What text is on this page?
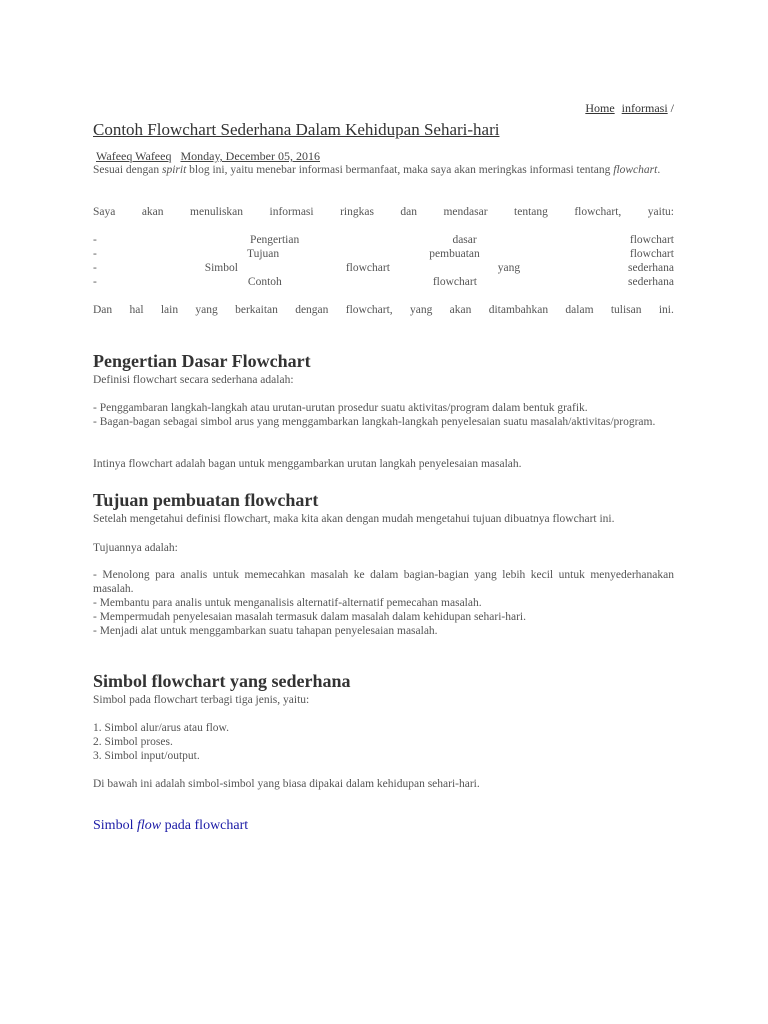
Home informasi /
Contoh Flowchart Sederhana Dalam Kehidupan Sehari-hari
Wafeeq Wafeeq Monday, December 05, 2016
Sesuai dengan spirit blog ini, yaitu menebar informasi bermanfaat, maka saya akan meringkas informasi tentang flowchart.
Saya akan menuliskan informasi ringkas dan mendasar tentang flowchart, yaitu:
-	Pengertian	dasar	flowchart
-	Tujuan	pembuatan	flowchart
-	Simbol	flowchart	yang	sederhana
-	Contoh	flowchart	sederhana
Dan hal lain yang berkaitan dengan flowchart, yang akan ditambahkan dalam tulisan ini.
Pengertian Dasar Flowchart
Definisi flowchart secara sederhana adalah:
- Penggambaran langkah-langkah atau urutan-urutan prosedur suatu aktivitas/program dalam bentuk grafik.
- Bagan-bagan sebagai simbol arus yang menggambarkan langkah-langkah penyelesaian suatu masalah/aktivitas/program.
Intinya flowchart adalah bagan untuk menggambarkan urutan langkah penyelesaian masalah.
Tujuan pembuatan flowchart
Setelah mengetahui definisi flowchart, maka kita akan dengan mudah mengetahui tujuan dibuatnya flowchart ini.
Tujuannya adalah:
- Menolong para analis untuk memecahkan masalah ke dalam bagian-bagian yang lebih kecil untuk menyederhanakan masalah.
- Membantu para analis untuk menganalisis alternatif-alternatif pemecahan masalah.
- Mempermudah penyelesaian masalah termasuk dalam masalah dalam kehidupan sehari-hari.
- Menjadi alat untuk menggambarkan suatu tahapan penyelesaian masalah.
Simbol flowchart yang sederhana
Simbol pada flowchart terbagi tiga jenis, yaitu:
1. Simbol alur/arus atau flow.
2. Simbol proses.
3. Simbol input/output.
Di bawah ini adalah simbol-simbol yang biasa dipakai dalam kehidupan sehari-hari.
Simbol flow pada flowchart
